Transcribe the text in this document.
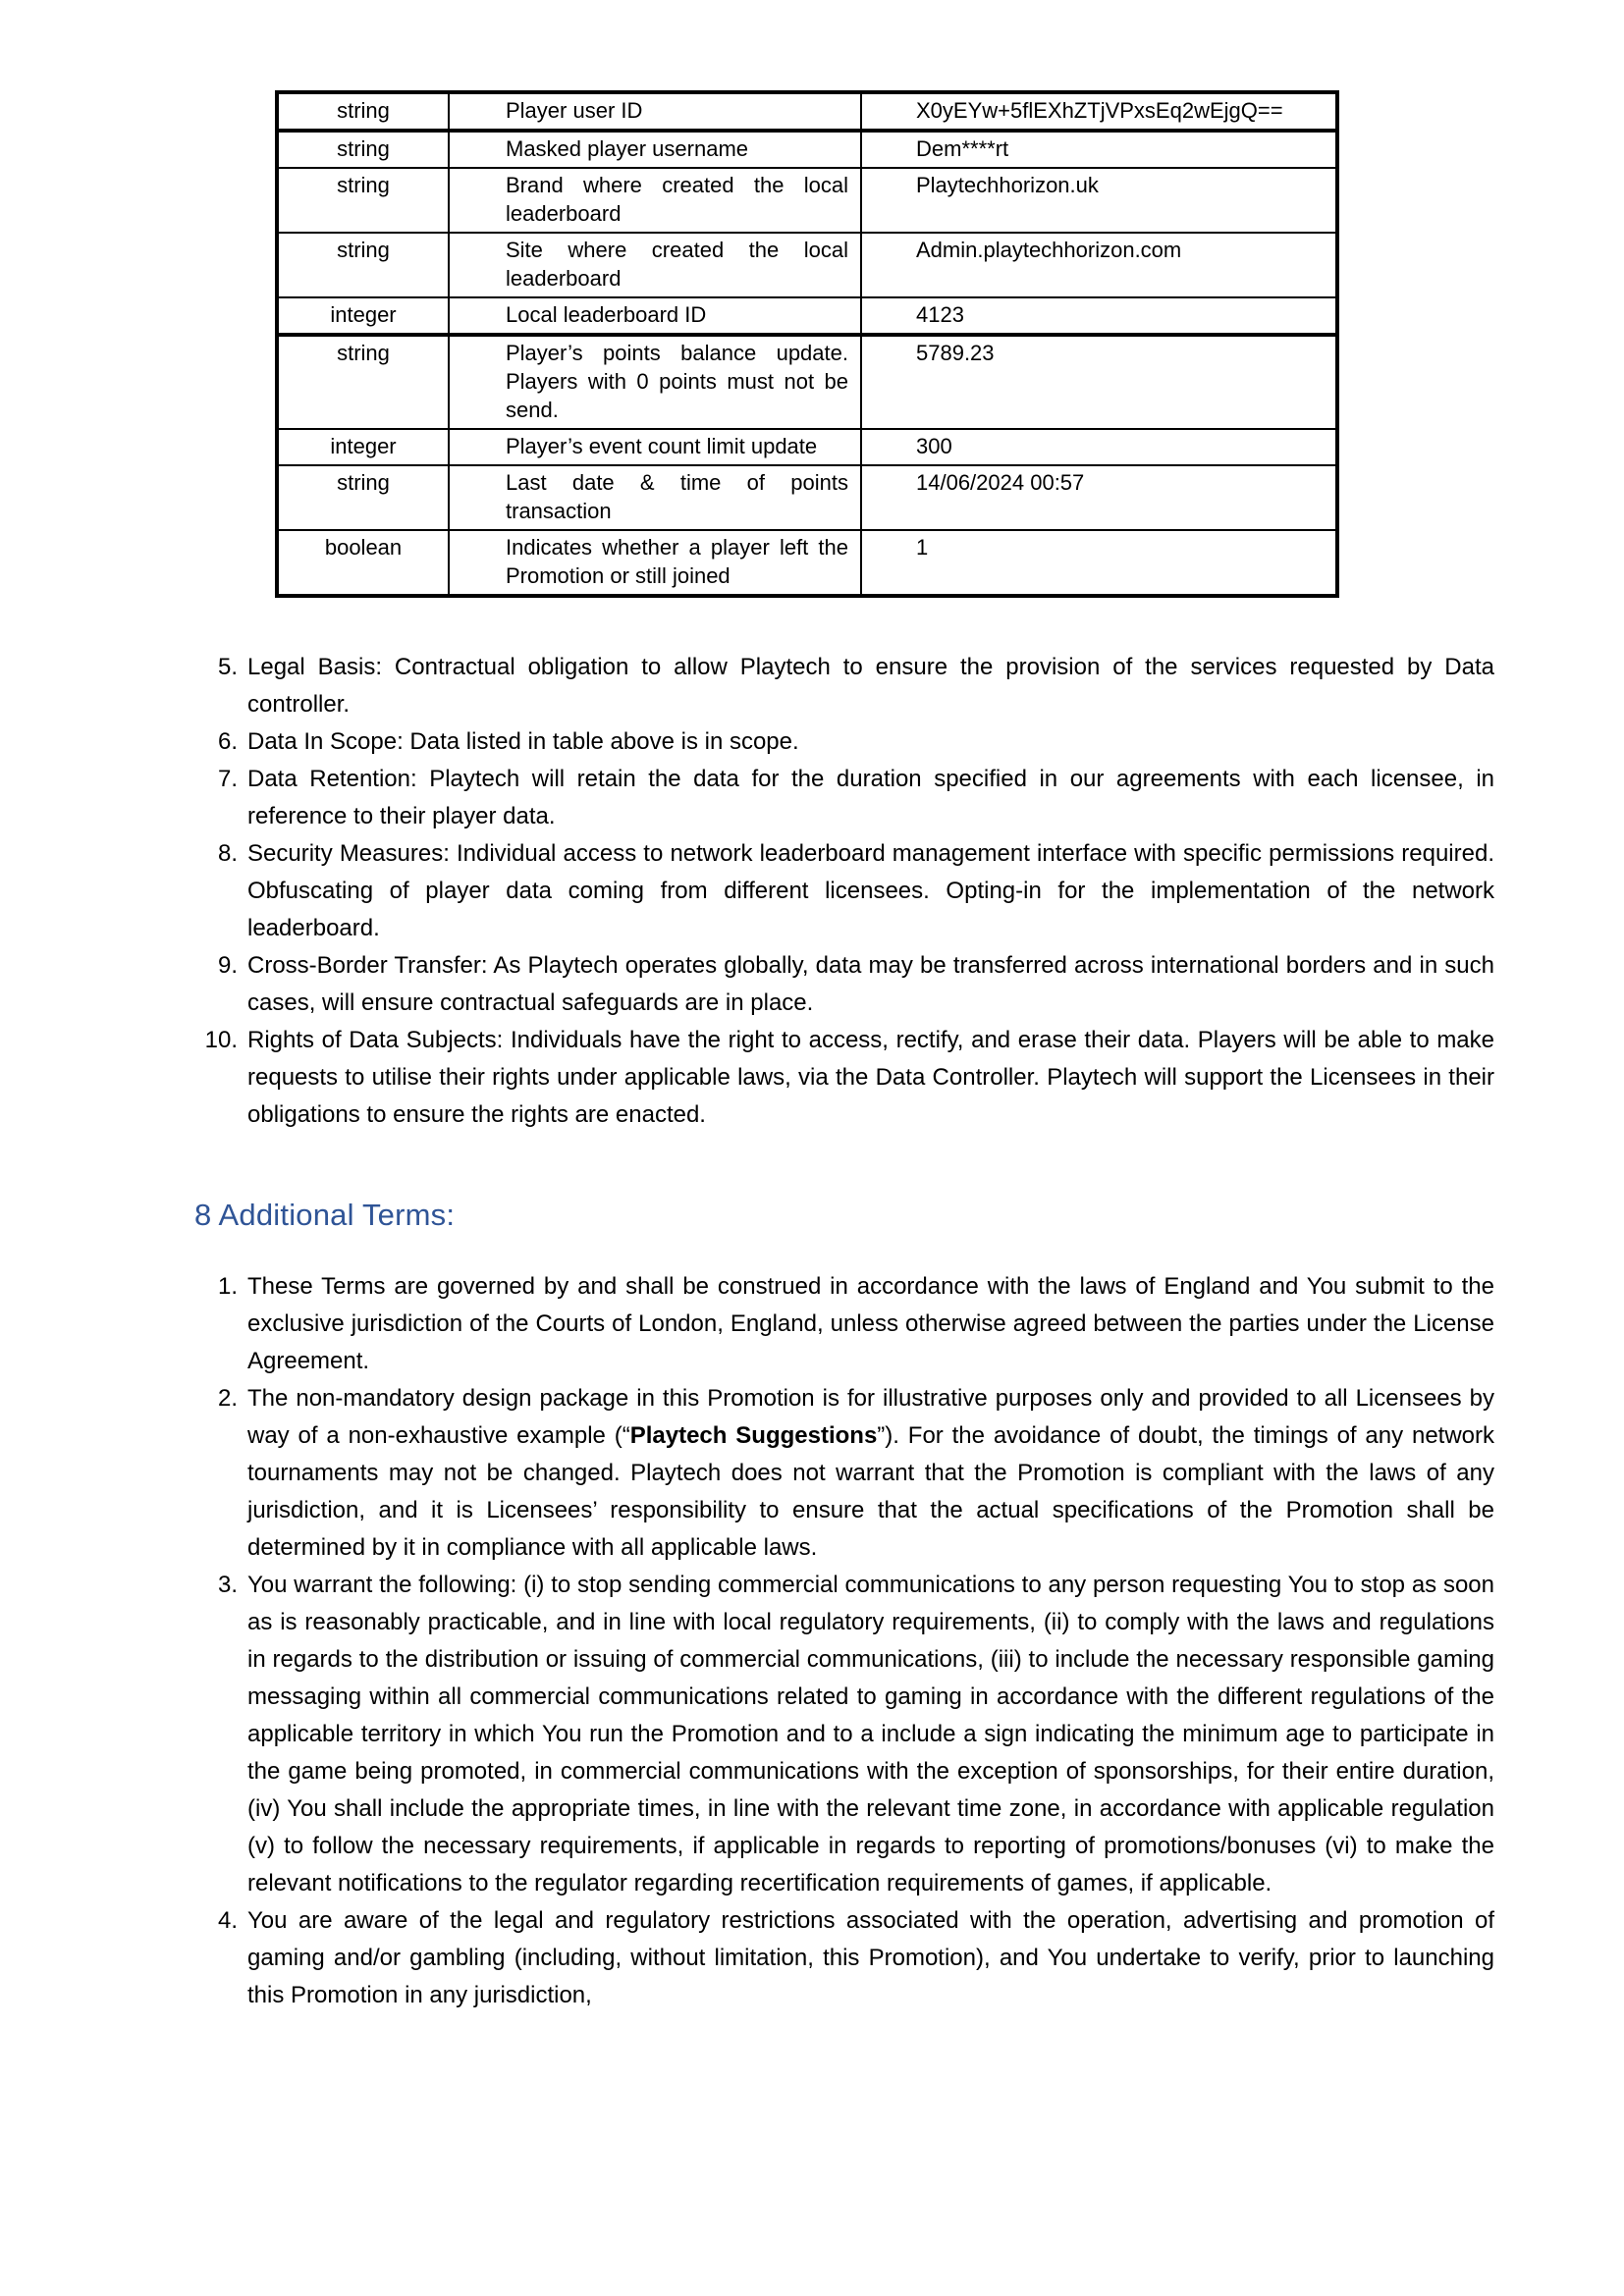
string	Player user ID	X0yEYw+5flEXhZTjVPxsEq2wEjgQ==
string	Masked player username	Dem****rt
string	Brand where created the local leaderboard	Playtechhorizon.uk
string	Site where created the local leaderboard	Admin.playtechhorizon.com
integer	Local leaderboard ID	4123
string	Player’s points balance update. Players with 0 points must not be send.	5789.23
integer	Player’s event count limit update	300
string	Last date & time of points transaction	14/06/2024 00:57
boolean	Indicates whether a player left the Promotion or still joined	1
5. Legal Basis: Contractual obligation to allow Playtech to ensure the provision of the services requested by Data controller.
6. Data In Scope: Data listed in table above is in scope.
7. Data Retention: Playtech will retain the data for the duration specified in our agreements with each licensee, in reference to their player data.
8. Security Measures: Individual access to network leaderboard management interface with specific permissions required. Obfuscating of player data coming from different licensees. Opting-in for the implementation of the network leaderboard.
9. Cross-Border Transfer: As Playtech operates globally, data may be transferred across international borders and in such cases, will ensure contractual safeguards are in place.
10. Rights of Data Subjects: Individuals have the right to access, rectify, and erase their data. Players will be able to make requests to utilise their rights under applicable laws, via the Data Controller. Playtech will support the Licensees in their obligations to ensure the rights are enacted.
8 Additional Terms:
1. These Terms are governed by and shall be construed in accordance with the laws of England and You submit to the exclusive jurisdiction of the Courts of London, England, unless otherwise agreed between the parties under the License Agreement.
2. The non-mandatory design package in this Promotion is for illustrative purposes only and provided to all Licensees by way of a non-exhaustive example (“Playtech Suggestions”). For the avoidance of doubt, the timings of any network tournaments may not be changed. Playtech does not warrant that the Promotion is compliant with the laws of any jurisdiction, and it is Licensees’ responsibility to ensure that the actual specifications of the Promotion shall be determined by it in compliance with all applicable laws.
3. You warrant the following: (i) to stop sending commercial communications to any person requesting You to stop as soon as is reasonably practicable, and in line with local regulatory requirements, (ii) to comply with the laws and regulations in regards to the distribution or issuing of commercial communications, (iii) to include the necessary responsible gaming messaging within all commercial communications related to gaming in accordance with the different regulations of the applicable territory in which You run the Promotion and to a include a sign indicating the minimum age to participate in the game being promoted, in commercial communications with the exception of sponsorships, for their entire duration, (iv) You shall include the appropriate times, in line with the relevant time zone, in accordance with applicable regulation (v) to follow the necessary requirements, if applicable in regards to reporting of promotions/bonuses (vi) to make the relevant notifications to the regulator regarding recertification requirements of games, if applicable.
4. You are aware of the legal and regulatory restrictions associated with the operation, advertising and promotion of gaming and/or gambling (including, without limitation, this Promotion), and You undertake to verify, prior to launching this Promotion in any jurisdiction,
